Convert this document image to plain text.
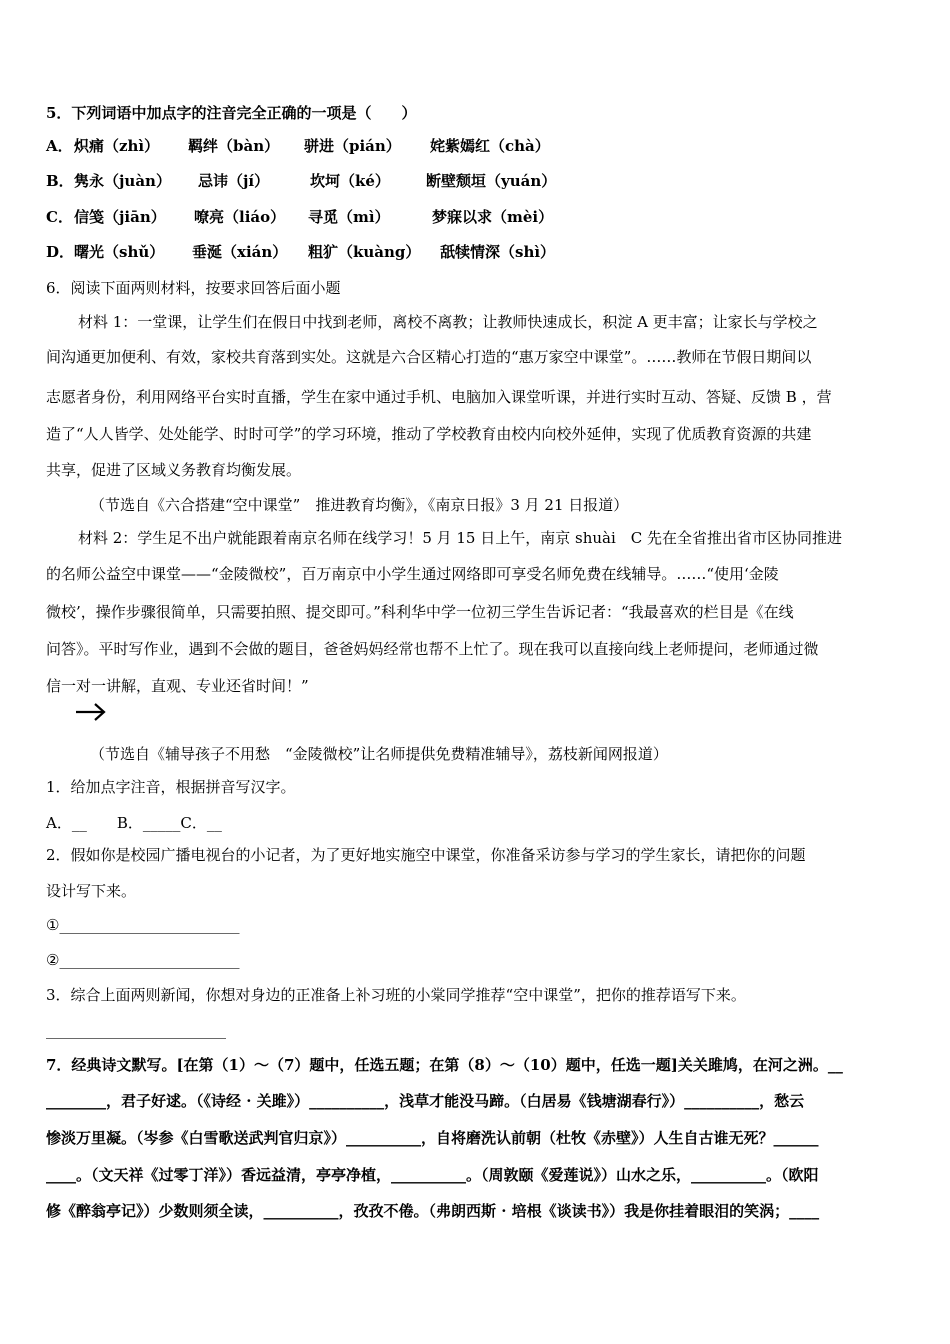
5．下列词语中加点字的注音完全正确的一项是（　　）
A．炽痛（zhì） 羁绊（bàn） 骈进（pián） 姹紫嫣红（chà）
B．隽永（juàn） 忌讳（jí）	坎坷（ké） 断壁颓垣（yuán）
C．信笺（jiān） 嘹亮（liáo） 寻觅（mì）	梦寐以求（mèi）
D．曙光（shǔ） 垂涎（xián） 粗犷（kuàng） 舐犊情深（shì）
6．阅读下面两则材料，按要求回答后面小题
材料 1：一堂课，让学生们在假日中找到老师，离校不离教；让教师快速成长，积淀 A 更丰富；让家长与学校之
间沟通更加便利、有效，家校共育落到实处。这就是六合区精心打造的“惠万家空中课堂”。……教师在节假日期间以
志愿者身份，利用网络平台实时直播，学生在家中通过手机、电脑加入课堂听课，并进行实时互动、答疑、反馈 B ，营
造了“人人皆学、处处能学、时时可学”的学习环境，推动了学校教育由校内向校外延伸，实现了优质教育资源的共建
共享，促进了区域义务教育均衡发展。
（节选自《六合搭建“空中课堂”　推进教育均衡》，《南京日报》3 月 21 日报道）
材料 2：学生足不出户就能跟着南京名师在线学习！5 月 15 日上午，南京 shuài　C 先在全省推出省市区协同推进
的名师公益空中课堂——“金陵微校”，百万南京中小学生通过网络即可享受名师免费在线辅导。……“使用‘金陵
微校’，操作步骤很简单，只需要拍照、提交即可。”科利华中学一位初三学生告诉记者：“我最喜欢的栏目是《在线
问答》。平时写作业，遇到不会做的题目，爸爸妈妈经常也帮不上忙了。现在我可以直接向线上老师提问，老师通过微
信一对一讲解，直观、专业还省时间！”
（节选自《辅导孩子不用愁　“金陵微校”让名师提供免费精准辅导》，荔枝新闻网报道）
1．给加点字注音，根据拼音写汉字。
A．__　　B．_____C．__
2．假如你是校园广播电视台的小记者，为了更好地实施空中课堂，你准备采访参与学习的学生家长，请把你的问题
设计写下来。
①________________________
②________________________
3．综合上面两则新闻，你想对身边的正准备上补习班的小棠同学推荐“空中课堂”，把你的推荐语写下来。
________________________
7．经典诗文默写。[在第（1）～（7）题中，任选五题；在第（8）～（10）题中，任选一题]关关雎鸠，在河之洲。__
________，君子好逑。（《诗经 · 关雎》）__________，浅草才能没马蹄。（白居易《钱塘湖春行》）__________，愁云
惨淡万里凝。（岑参《白雪歌送武判官归京》）__________，自将磨洗认前朝（杜牧《赤壁》）人生自古谁无死？______
____。（文天祥《过零丁洋》）香远益清，亭亭净植，__________。（周敦颐《爱莲说》）山水之乐，__________。（欧阳
修《醉翁亭记》）少数则须全读，__________，孜孜不倦。（弗朗西斯 · 培根《谈读书》）我是你挂着眼泪的笑涡；____
